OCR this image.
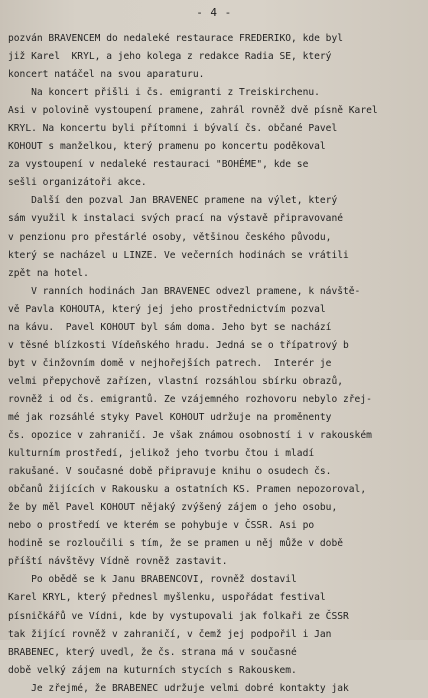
- 4 -
pozván BRAVENCEM do nedaleké restaurace FREDERIKO, kde byl
již Karel  KRYL, a jeho kolega z redakce Radia SE, který
koncert natáčel na svou aparaturu.
Na koncert přišli i čs. emigranti z Treiskirchenu.
Asi v polovině vystoupení pramene, zahrál rovněž dvě písně Karel
KRYL. Na koncertu byli přítomni i bývalí čs. občané Pavel
KOHOUT s manželkou, který pramenu po koncertu poděkoval
za vystoupení v nedaleké restauraci "BOHÉME", kde se
sešli organizátoři akce.
Další den pozval Jan BRAVENEC pramene na výlet, který
sám využil k instalaci svých prací na výstavě připravované
v penzionu pro přestárlé osoby, většinou českého původu,
který se nacházel u LINZE. Ve večerních hodinách se vrátili
zpět na hotel.
V ranních hodinách Jan BRAVENEC odvezl pramene, k návště-
vě Pavla KOHOUTA, který jej jeho prostřednictvím pozval
na kávu.  Pavel KOHOUT byl sám doma. Jeho byt se nachází
v těsné blízkosti Vídeňského hradu. Jedná se o třípatrový b
byt v činžovním domě v nejhořejších patrech.  Interér je
velmi přepychově zařízen, vlastní rozsáhlou sbírku obrazů,
rovněž i od čs. emigrantů. Ze vzájemného rozhovoru nebylo zřej-
mé jak rozsáhlé styky Pavel KOHOUT udržuje na proměnenty
čs. opozice v zahraničí. Je však známou osobností i v rakouském
kulturním prostředí, jelikož jeho tvorbu čtou i mladí
rakušané. V současné době připravuje knihu o osudech čs.
občanů žijících v Rakousku a ostatních KS. Pramen nepozoroval,
že by měl Pavel KOHOUT nějaký zvýšený zájem o jeho osobu,
nebo o prostředí ve kterém se pohybuje v ČSSR. Asi po
hodině se rozloučili s tím, že se pramen u něj může v době
příští návštěvy Vídně rovněž zastavit.
Po obědě se k Janu BRABENCOVI, rovněž dostavil
Karel KRYL, který přednesl myšlenku, uspořádat festival
písničkářů ve Vídni, kde by vystupovali jak folkaři ze ČSSR
tak žijící rovněž v zahraničí, v čemž jej podpořil i Jan
BRABENEC, který uvedl, že čs. strana má v současné
době velký zájem na kuturních stycích s Rakouskem.
Je zřejmé, že BRABENEC udržuje velmi dobré kontakty jak
